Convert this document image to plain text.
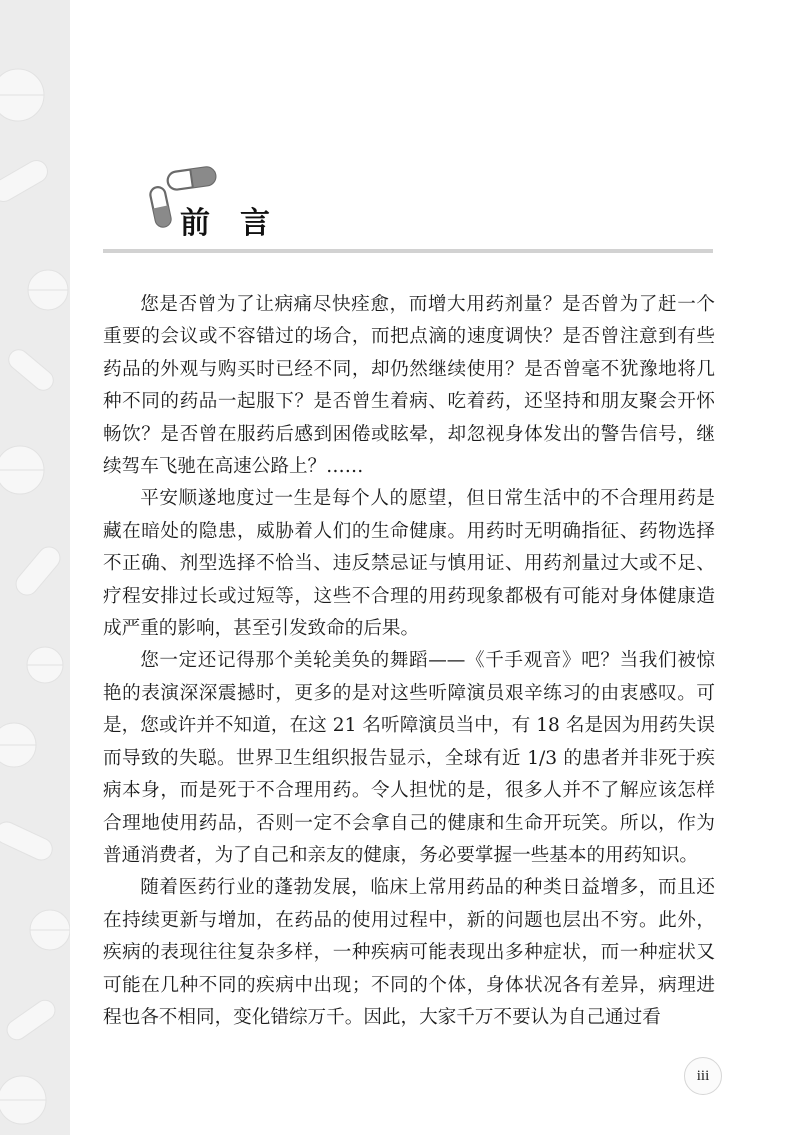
前言

您是否曾为了让病痛尽快痊愈，而增大用药剂量？是否曾为了赶一个重要的会议或不容错过的场合，而把点滴的速度调快？是否曾注意到有些药品的外观与购买时已经不同，却仍然继续使用？是否曾毫不犹豫地将几种不同的药品一起服下？是否曾生着病、吃着药，还坚持和朋友聚会开怀畅饮？是否曾在服药后感到困倦或眩晕，却忽视身体发出的警告信号，继续驾车飞驰在高速公路上？……

平安顺遂地度过一生是每个人的愿望，但日常生活中的不合理用药是藏在暗处的隐患，威胁着人们的生命健康。用药时无明确指征、药物选择不正确、剂型选择不恰当、违反禁忌证与慎用证、用药剂量过大或不足、疗程安排过长或过短等，这些不合理的用药现象都极有可能对身体健康造成严重的影响，甚至引发致命的后果。

您一定还记得那个美轮美奂的舞蹈——《千手观音》吧？当我们被惊艳的表演深深震撼时，更多的是对这些听障演员艰辛练习的由衷感叹。可是，您或许并不知道，在这 21 名听障演员当中，有 18 名是因为用药失误而导致的失聪。世界卫生组织报告显示，全球有近 1/3 的患者并非死于疾病本身，而是死于不合理用药。令人担忧的是，很多人并不了解应该怎样合理地使用药品，否则一定不会拿自己的健康和生命开玩笑。所以，作为普通消费者，为了自己和亲友的健康，务必要掌握一些基本的用药知识。

随着医药行业的蓬勃发展，临床上常用药品的种类日益增多，而且还在持续更新与增加，在药品的使用过程中，新的问题也层出不穷。此外，疾病的表现往往复杂多样，一种疾病可能表现出多种症状，而一种症状又可能在几种不同的疾病中出现；不同的个体，身体状况各有差异，病理进程也各不相同，变化错综万千。因此，大家千万不要认为自己通过看

iii
